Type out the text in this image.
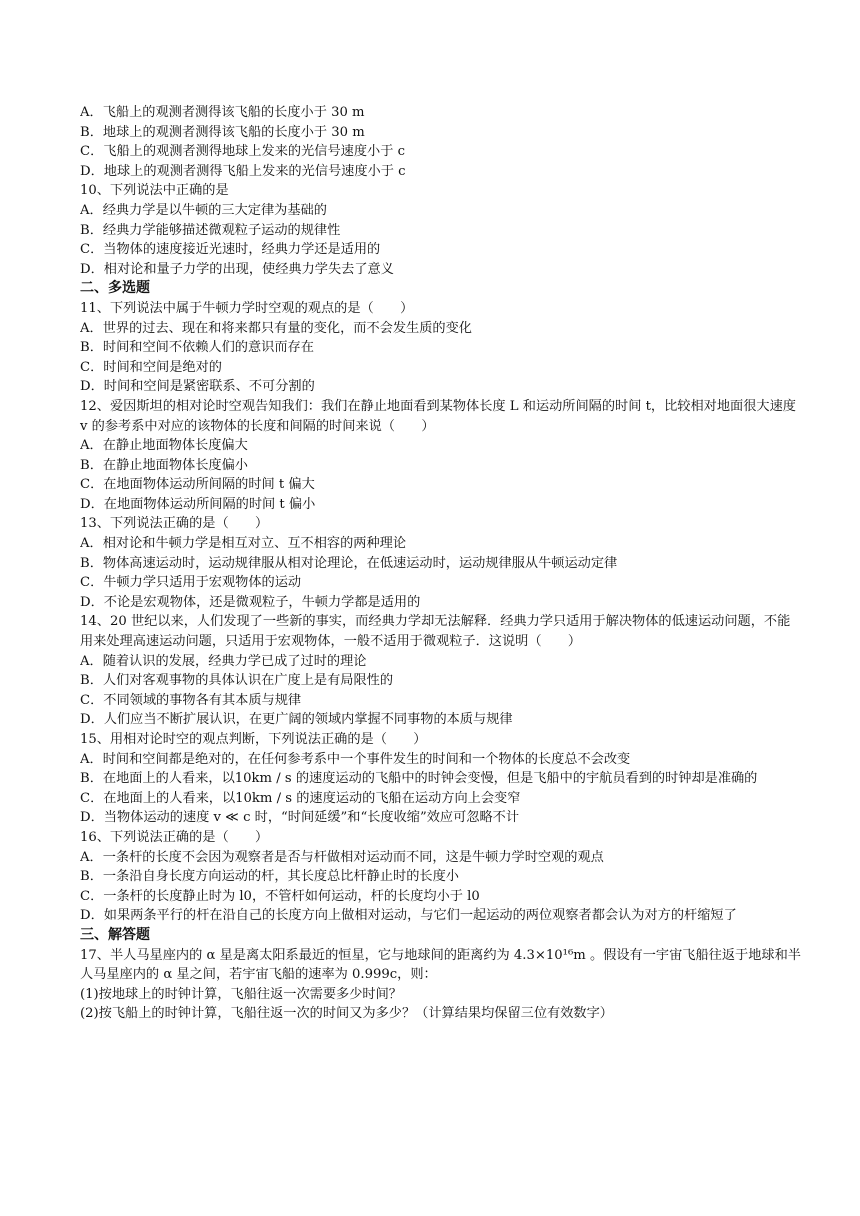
A．飞船上的观测者测得该飞船的长度小于 30 m
B．地球上的观测者测得该飞船的长度小于 30 m
C．飞船上的观测者测得地球上发来的光信号速度小于 c
D．地球上的观测者测得飞船上发来的光信号速度小于 c
10、下列说法中正确的是
A．经典力学是以牛顿的三大定律为基础的
B．经典力学能够描述微观粒子运动的规律性
C．当物体的速度接近光速时，经典力学还是适用的
D．相对论和量子力学的出现，使经典力学失去了意义
二、多选题
11、下列说法中属于牛顿力学时空观的观点的是（　　）
A．世界的过去、现在和将来都只有量的变化，而不会发生质的变化
B．时间和空间不依赖人们的意识而存在
C．时间和空间是绝对的
D．时间和空间是紧密联系、不可分割的
12、爱因斯坦的相对论时空观告知我们：我们在静止地面看到某物体长度 L 和运动所间隔的时间 t，比较相对地面很大速度 v 的参考系中对应的该物体的长度和间隔的时间来说（　　）
A．在静止地面物体长度偏大
B．在静止地面物体长度偏小
C．在地面物体运动所间隔的时间 t 偏大
D．在地面物体运动所间隔的时间 t 偏小
13、下列说法正确的是（　　）
A．相对论和牛顿力学是相互对立、互不相容的两种理论
B．物体高速运动时，运动规律服从相对论理论，在低速运动时，运动规律服从牛顿运动定律
C．牛顿力学只适用于宏观物体的运动
D．不论是宏观物体，还是微观粒子，牛顿力学都是适用的
14、20 世纪以来，人们发现了一些新的事实，而经典力学却无法解释．经典力学只适用于解决物体的低速运动问题，不能用来处理高速运动问题，只适用于宏观物体，一般不适用于微观粒子．这说明（　　）
A．随着认识的发展，经典力学已成了过时的理论
B．人们对客观事物的具体认识在广度上是有局限性的
C．不同领域的事物各有其本质与规律
D．人们应当不断扩展认识，在更广阔的领域内掌握不同事物的本质与规律
15、用相对论时空的观点判断，下列说法正确的是（　　）
A．时间和空间都是绝对的，在任何参考系中一个事件发生的时间和一个物体的长度总不会改变
B．在地面上的人看来，以10km / s 的速度运动的飞船中的时钟会变慢，但是飞船中的宇航员看到的时钟却是准确的
C．在地面上的人看来，以10km / s 的速度运动的飞船在运动方向上会变窄
D．当物体运动的速度 v ≪ c 时，“时间延缓”和“长度收缩”效应可忽略不计
16、下列说法正确的是（　　）
A．一条杆的长度不会因为观察者是否与杆做相对运动而不同，这是牛顿力学时空观的观点
B．一条沿自身长度方向运动的杆，其长度总比杆静止时的长度小
C．一条杆的长度静止时为 l0，不管杆如何运动，杆的长度均小于 l0
D．如果两条平行的杆在沿自己的长度方向上做相对运动，与它们一起运动的两位观察者都会认为对方的杆缩短了
三、解答题
17、半人马星座内的 α 星是离太阳系最近的恒星，它与地球间的距离约为 4.3×10¹⁶m 。假设有一宇宙飞船往返于地球和半人马星座内的 α 星之间，若宇宙飞船的速率为 0.999c，则：
(1)按地球上的时钟计算，飞船往返一次需要多少时间？
(2)按飞船上的时钟计算，飞船往返一次的时间又为多少？（计算结果均保留三位有效数字）
